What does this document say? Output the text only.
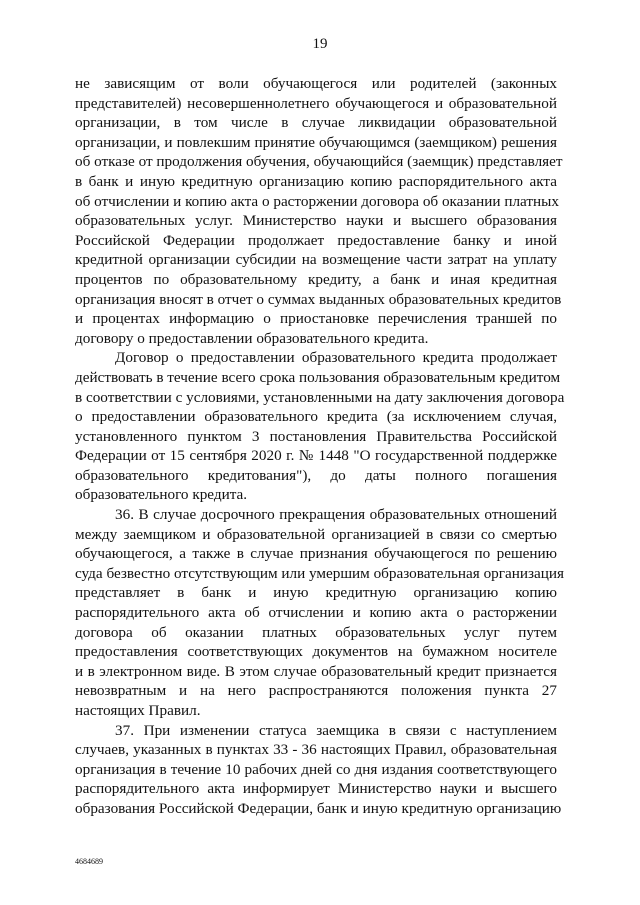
19
не зависящим от воли обучающегося или родителей (законных
представителей) несовершеннолетнего обучающегося и образовательной
организации, в том числе в случае ликвидации образовательной
организации, и повлекшим принятие обучающимся (заемщиком) решения
об отказе от продолжения обучения, обучающийся (заемщик) представляет
в банк и иную кредитную организацию копию распорядительного акта
об отчислении и копию акта о расторжении договора об оказании платных
образовательных услуг. Министерство науки и высшего образования
Российской Федерации продолжает предоставление банку и иной
кредитной организации субсидии на возмещение части затрат на уплату
процентов по образовательному кредиту, а банк и иная кредитная
организация вносят в отчет о суммах выданных образовательных кредитов
и процентах информацию о приостановке перечисления траншей по
договору о предоставлении образовательного кредита.
Договор о предоставлении образовательного кредита продолжает
действовать в течение всего срока пользования образовательным кредитом
в соответствии с условиями, установленными на дату заключения договора
о предоставлении образовательного кредита (за исключением случая,
установленного пунктом 3 постановления Правительства Российской
Федерации от 15 сентября 2020 г. № 1448 "О государственной поддержке
образовательного кредитования"), до даты полного погашения
образовательного кредита.
36. В случае досрочного прекращения образовательных отношений
между заемщиком и образовательной организацией в связи со смертью
обучающегося, а также в случае признания обучающегося по решению
суда безвестно отсутствующим или умершим образовательная организация
представляет в банк и иную кредитную организацию копию
распорядительного акта об отчислении и копию акта о расторжении
договора об оказании платных образовательных услуг путем
предоставления соответствующих документов на бумажном носителе
и в электронном виде. В этом случае образовательный кредит признается
невозвратным и на него распространяются положения пункта 27
настоящих Правил.
37. При изменении статуса заемщика в связи с наступлением
случаев, указанных в пунктах 33 - 36 настоящих Правил, образовательная
организация в течение 10 рабочих дней со дня издания соответствующего
распорядительного акта информирует Министерство науки и высшего
образования Российской Федерации, банк и иную кредитную организацию
4684689
